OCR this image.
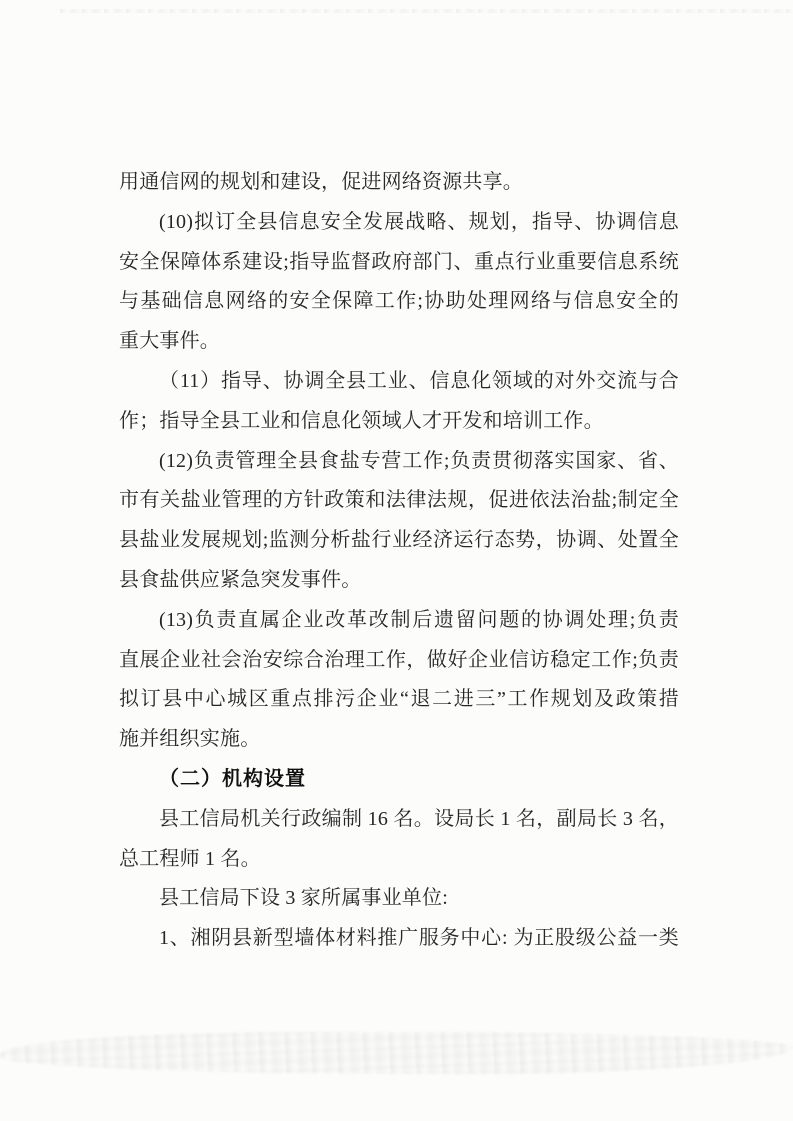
用通信网的规划和建设，促进网络资源共享。
(10)拟订全县信息安全发展战略、规划，指导、协调信息
安全保障体系建设;指导监督政府部门、重点行业重要信息系统
与基础信息网络的安全保障工作;协助处理网络与信息安全的
重大事件。
（11）指导、协调全县工业、信息化领域的对外交流与合
作；指导全县工业和信息化领域人才开发和培训工作。
(12)负责管理全县食盐专营工作;负责贯彻落实国家、省、
市有关盐业管理的方针政策和法律法规，促进依法治盐;制定全
县盐业发展规划;监测分析盐行业经济运行态势，协调、处置全
县食盐供应紧急突发事件。
(13)负责直属企业改革改制后遗留问题的协调处理;负责
直展企业社会治安综合治理工作，做好企业信访稳定工作;负责
拟订县中心城区重点排污企业“退二进三”工作规划及政策措
施并组织实施。
（二）机构设置
县工信局机关行政编制 16 名。设局长 1 名，副局长 3 名，
总工程师 1 名。
县工信局下设 3 家所属事业单位:
1、湘阴县新型墙体材料推广服务中心: 为正股级公益一类
